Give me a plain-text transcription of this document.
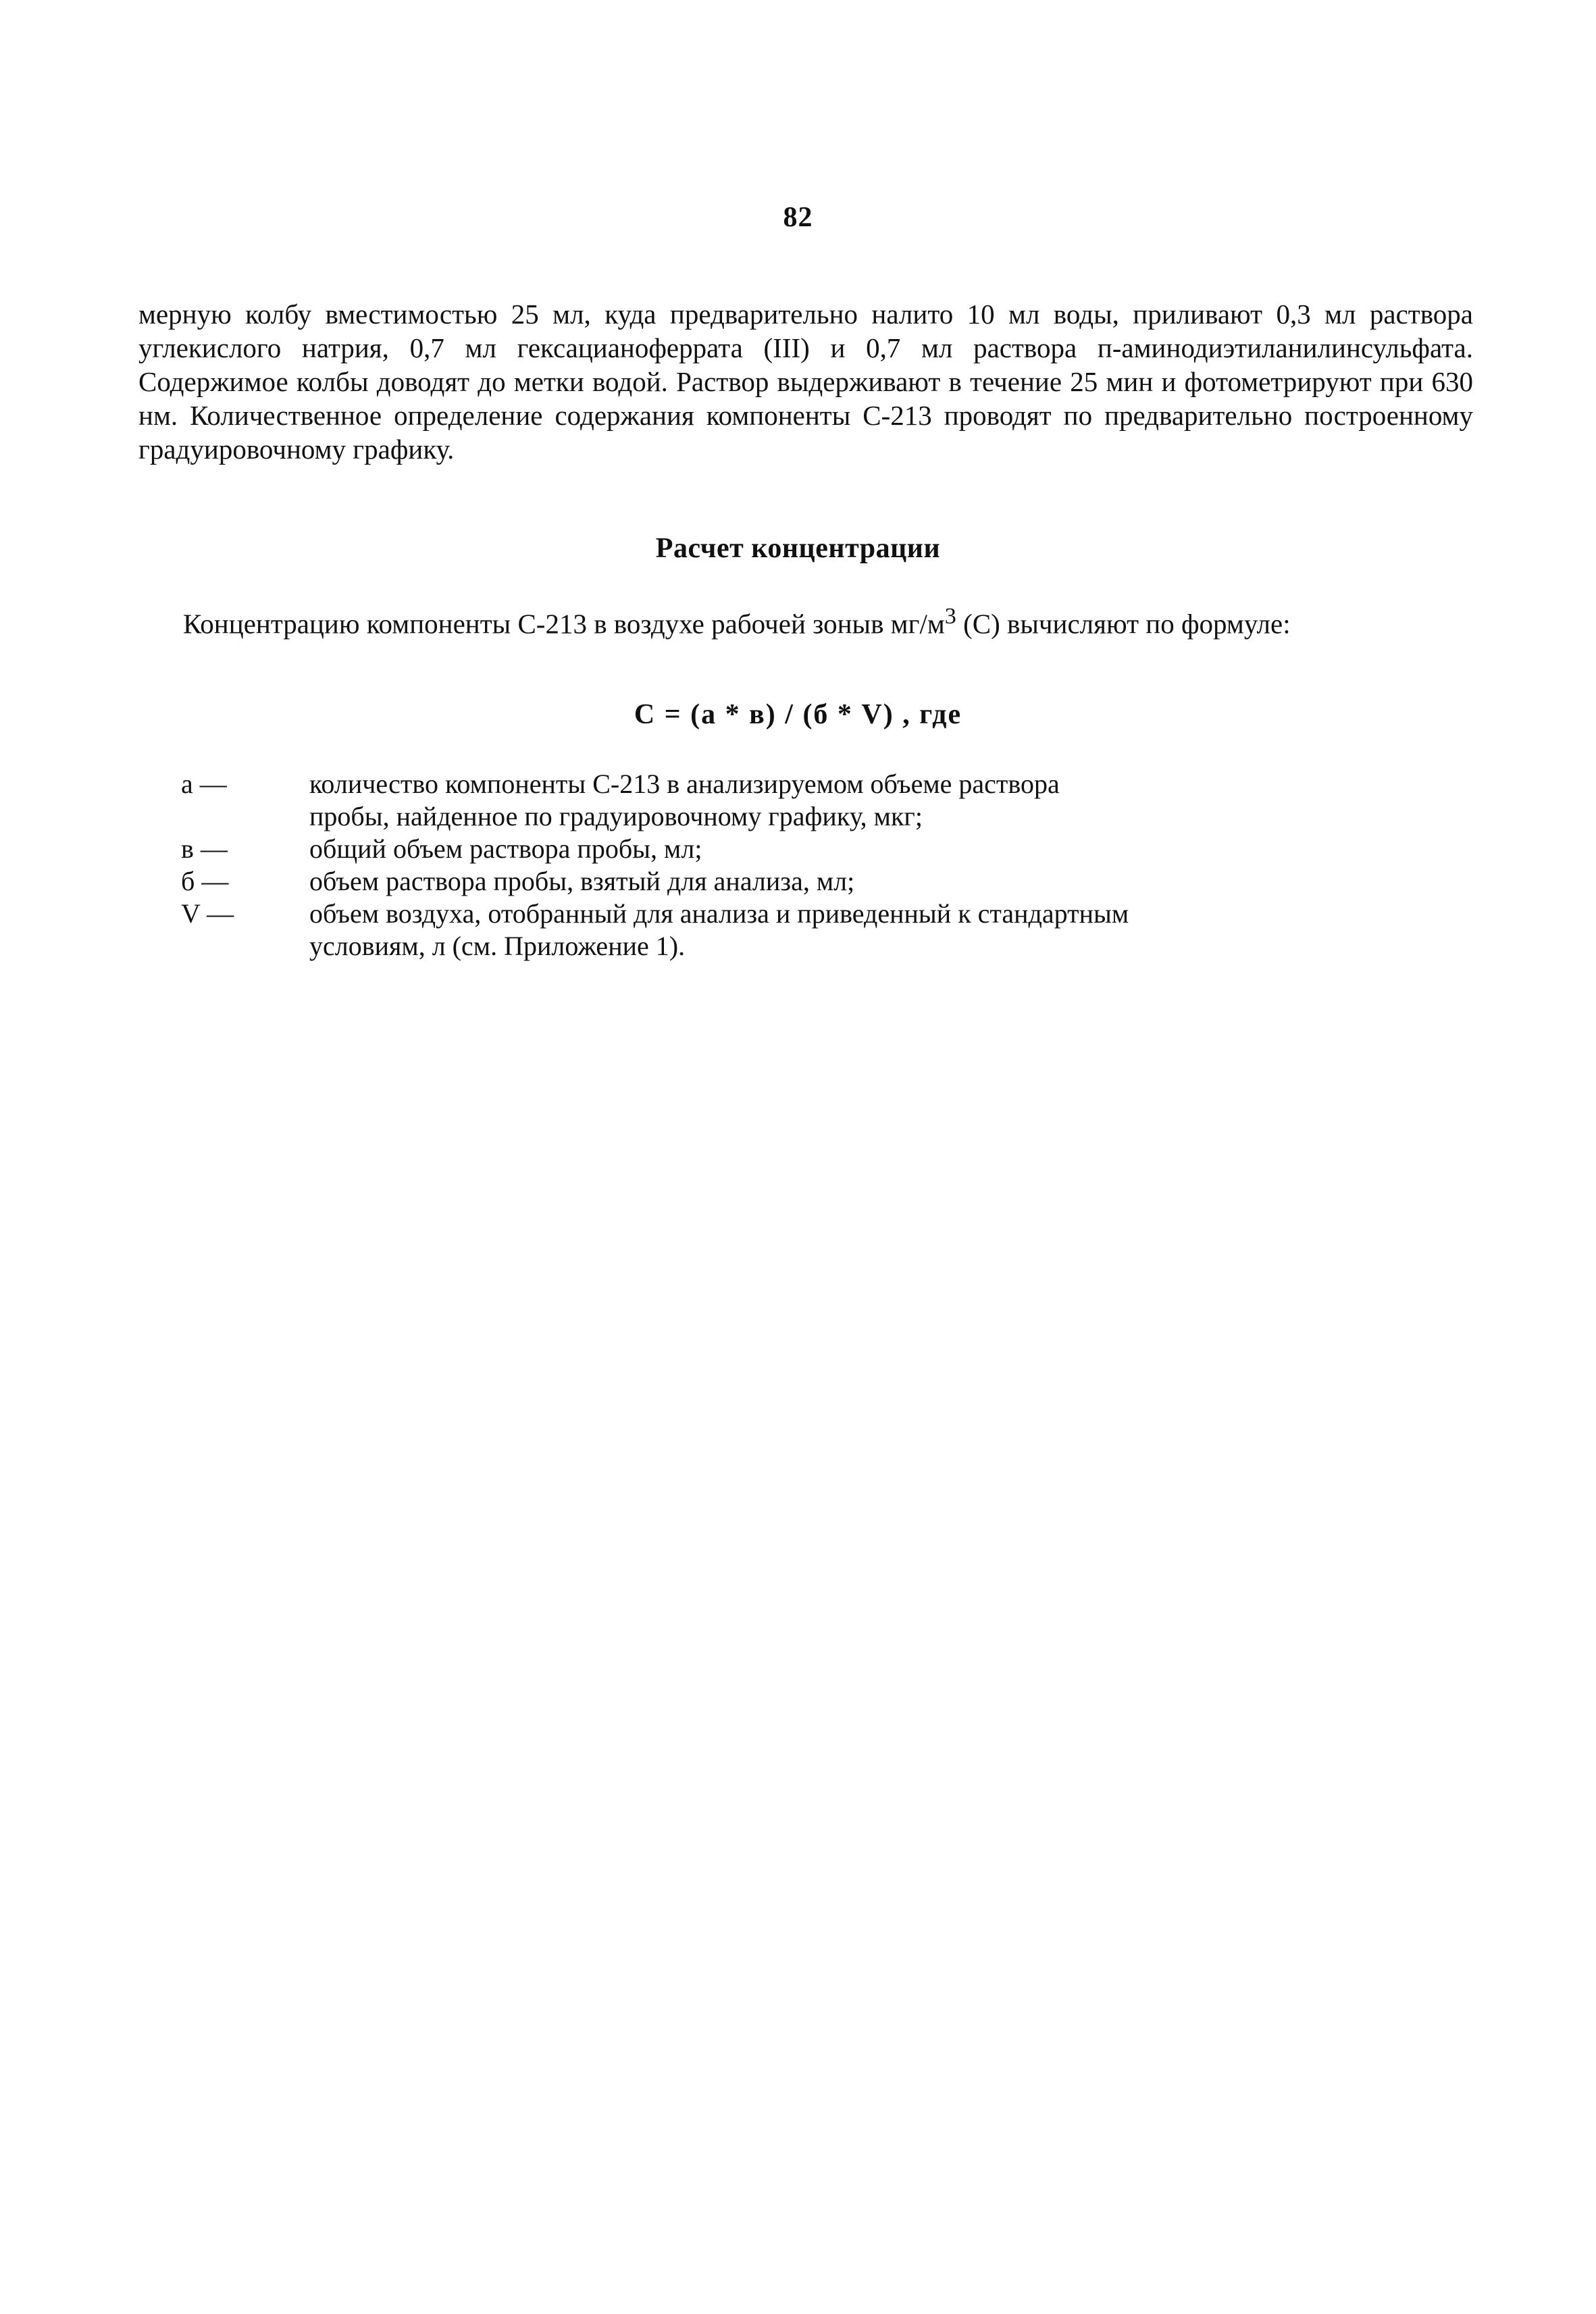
82

мерную колбу вместимостью 25 мл, куда предварительно налито 10 мл воды, приливают 0,3 мл раствора углекислого натрия, 0,7 мл гексацианоферрата (III) и 0,7 мл раствора п-аминодиэтиланилинсульфата. Содержимое колбы доводят до метки водой. Раствор выдерживают в течение 25 мин и фотометрируют при 630 нм. Количественное определение содержания компоненты С-213 проводят по предварительно построенному градуировочному графику.

Расчет концентрации

Концентрацию компоненты С-213 в воздухе рабочей зоныв $мг/м^3$ (С) вычисляют по формуле:

С = (а * в) / (б * V) , где
а —	количество компоненты С-213 в анализируемом объеме раствора пробы, найденное по градуировочному графику, мкг;
в —	общий объем раствора пробы, мл;
б —	объем раствора пробы, взятый для анализа, мл;
V —	объем воздуха, отобранный для анализа и приведенный к стандартным условиям, л (см. Приложение 1).
